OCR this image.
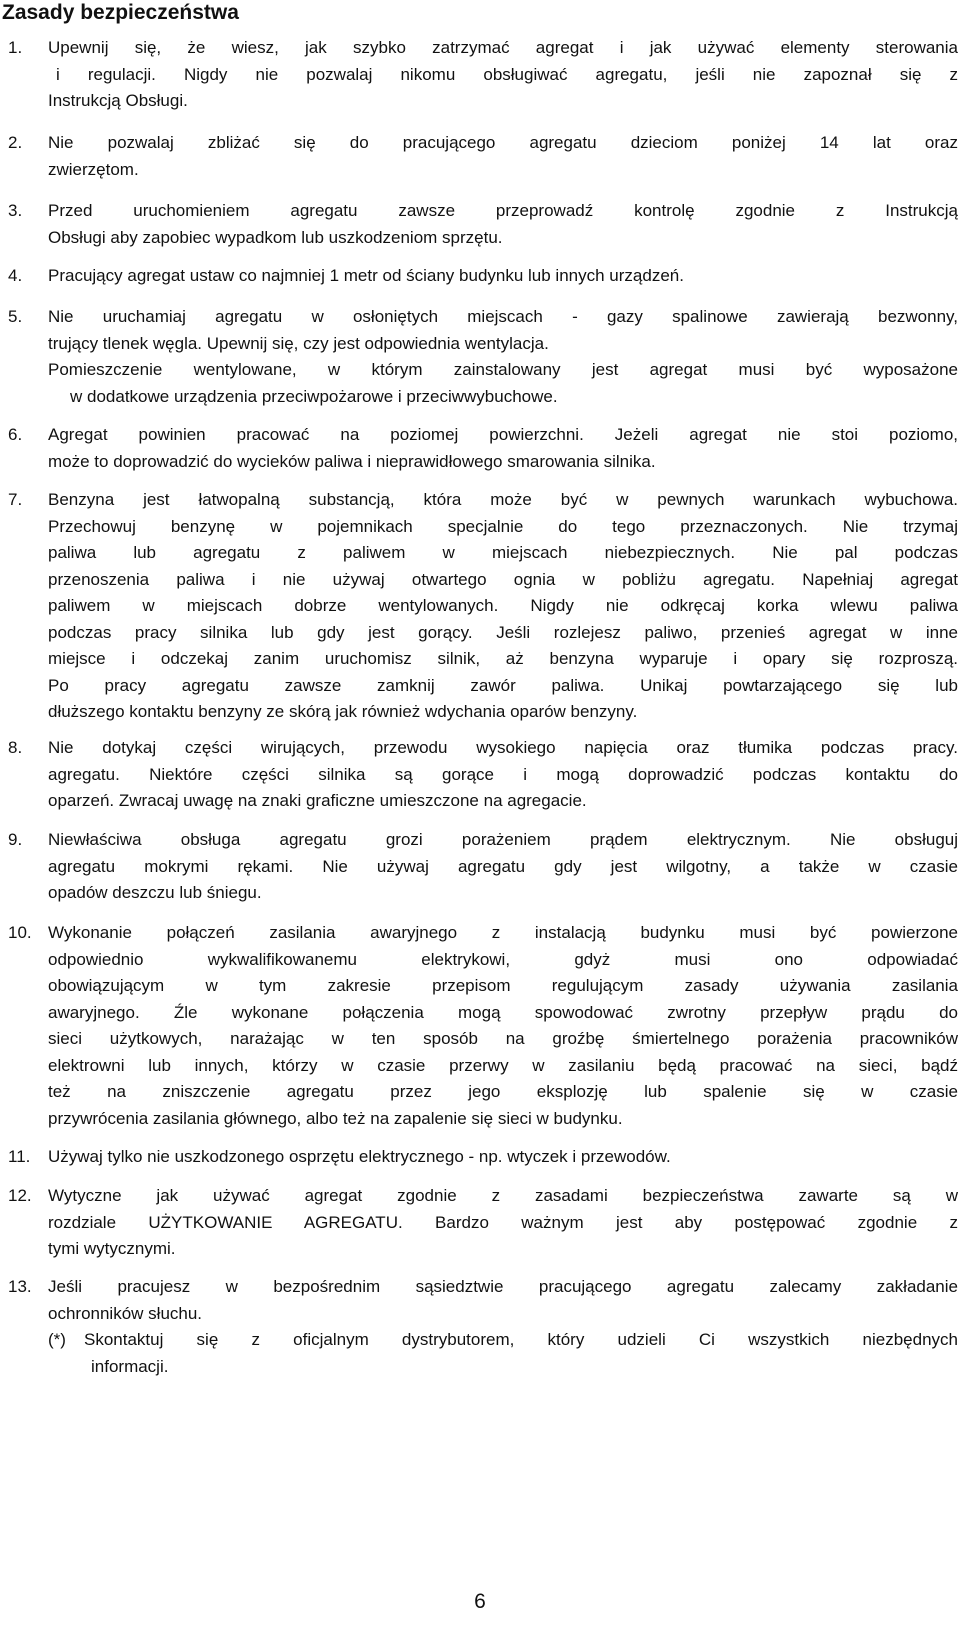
Zasady bezpieczeństwa
1.	Upewnij się, że wiesz, jak szybko zatrzymać agregat i jak używać elementy sterowania
i regulacji. Nigdy nie pozwalaj nikomu obsługiwać agregatu, jeśli nie zapoznał się z
Instrukcją Obsługi.
2.	Nie pozwalaj zbliżać się do pracującego agregatu dzieciom poniżej 14 lat oraz
zwierzętom.
3.	Przed uruchomieniem agregatu zawsze przeprowadź kontrolę zgodnie z Instrukcją
Obsługi aby zapobiec wypadkom lub uszkodzeniom sprzętu.
4.	Pracujący agregat ustaw co najmniej 1 metr od ściany budynku lub innych urządzeń.
5.	Nie uruchamiaj agregatu w osłoniętych miejscach - gazy spalinowe zawierają bezwonny,
trujący tlenek węgla. Upewnij się, czy jest odpowiednia wentylacja.
Pomieszczenie wentylowane, w którym zainstalowany jest agregat musi być wyposażone
w dodatkowe urządzenia przeciwpożarowe i przeciwwybuchowe.
6.	Agregat powinien pracować na poziomej powierzchni. Jeżeli agregat nie stoi poziomo,
może to doprowadzić do wycieków paliwa i nieprawidłowego smarowania silnika.
7.	Benzyna jest łatwopalną substancją, która może być w pewnych warunkach wybuchowa.
Przechowuj benzynę w pojemnikach specjalnie do tego przeznaczonych. Nie trzymaj
paliwa lub agregatu z paliwem w miejscach niebezpiecznych. Nie pal podczas
przenoszenia paliwa i nie używaj otwartego ognia w pobliżu agregatu. Napełniaj agregat
paliwem w miejscach dobrze wentylowanych. Nigdy nie odkręcaj korka wlewu paliwa
podczas pracy silnika lub gdy jest gorący. Jeśli rozlejesz paliwo, przenieś agregat w inne
miejsce i odczekaj zanim uruchomisz silnik, aż benzyna wyparuje i opary się rozproszą.
Po pracy agregatu zawsze zamknij zawór paliwa. Unikaj powtarzającego się lub
dłuższego kontaktu benzyny ze skórą jak również wdychania oparów benzyny.
8.	Nie dotykaj części wirujących, przewodu wysokiego napięcia oraz tłumika podczas pracy.
agregatu. Niektóre części silnika są gorące i mogą doprowadzić podczas kontaktu do
oparzeń. Zwracaj uwagę na znaki graficzne umieszczone na agregacie.
9.	Niewłaściwa obsługa agregatu grozi porażeniem prądem elektrycznym. Nie obsługuj
agregatu mokrymi rękami. Nie używaj agregatu gdy jest wilgotny, a także w czasie
opadów deszczu lub śniegu.
10. Wykonanie połączeń zasilania awaryjnego z instalacją budynku musi być powierzone
odpowiednio wykwalifikowanemu elektrykowi, gdyż musi ono odpowiadać
obowiązującym w tym zakresie przepisom regulującym zasady używania zasilania
awaryjnego. Źle wykonane połączenia mogą spowodować zwrotny przepływ prądu do
sieci użytkowych, narażając w ten sposób na groźbę śmiertelnego porażenia pracowników
elektrowni lub innych, którzy w czasie przerwy w zasilaniu będą pracować na sieci, bądź
też na zniszczenie agregatu przez jego eksplozję lub spalenie się w czasie
przywrócenia zasilania głównego, albo też na zapalenie się sieci w budynku.
11.	Używaj tylko nie uszkodzonego osprzętu elektrycznego - np. wtyczek i przewodów.
12. Wytyczne jak używać agregat zgodnie z zasadami bezpieczeństwa zawarte są w
rozdziale UŻYTKOWANIE AGREGATU. Bardzo ważnym jest aby postępować zgodnie z
tymi wytycznymi.
13. Jeśli pracujesz w bezpośrednim sąsiedztwie pracującego agregatu zalecamy zakładanie
ochronników słuchu.
(*) Skontaktuj się z oficjalnym dystrybutorem, który udzieli Ci wszystkich niezbędnych
informacji.
6
